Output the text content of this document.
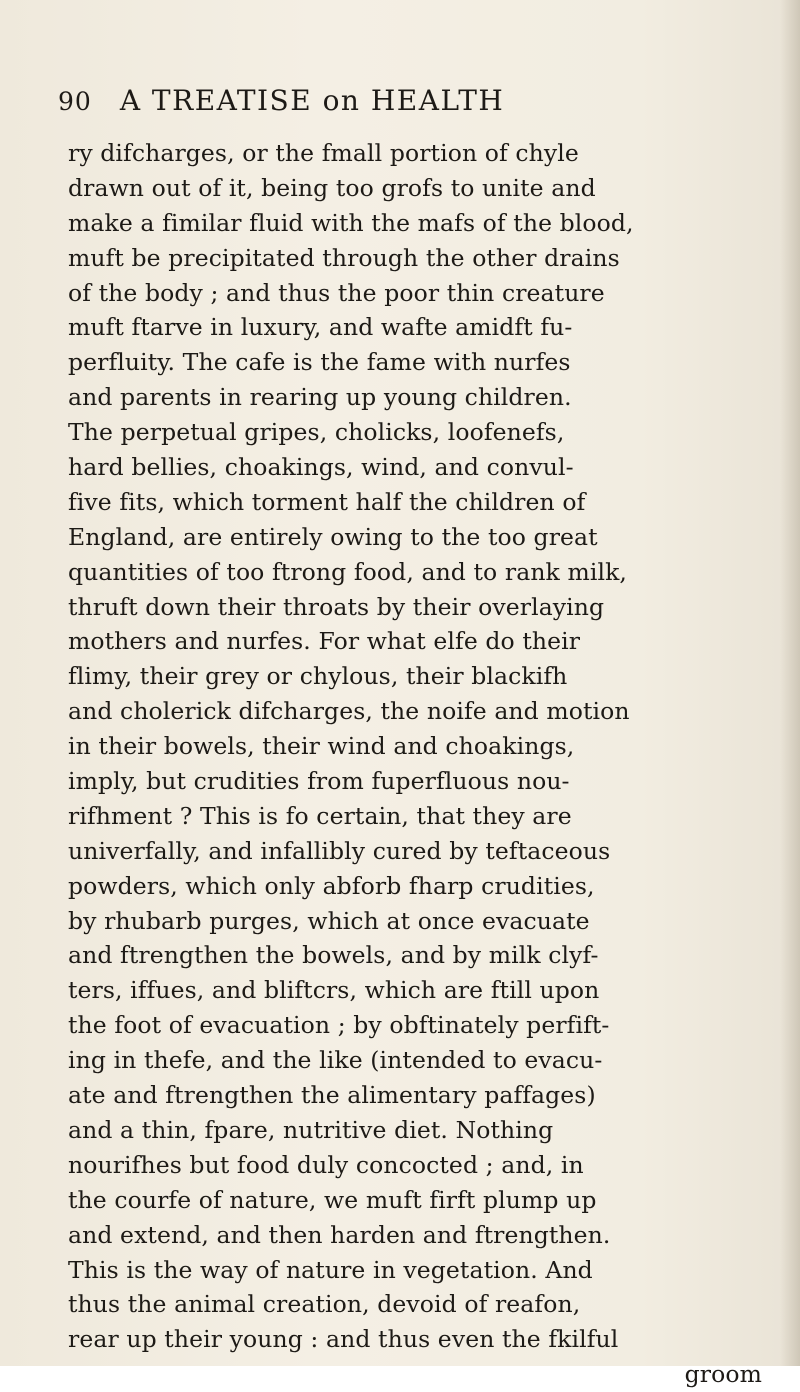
90 A TREATISE on HEALTH
ry difcharges, or the fmall portion of chyle
drawn out of it, being too grofs to unite and
make a fimilar fluid with the mafs of the blood,
muft be precipitated through the other drains
of the body ; and thus the poor thin creature
muft ftarve in luxury, and wafte amidft fu-
perfluity. The cafe is the fame with nurfes
and parents in rearing up young children.
The perpetual gripes, cholicks, loofenefs,
hard bellies, choakings, wind, and convul-
five fits, which torment half the children of
England, are entirely owing to the too great
quantities of too ftrong food, and to rank milk,
thruft down their throats by their overlaying
mothers and nurfes. For what elfe do their
flimy, their grey or chylous, their blackifh
and cholerick difcharges, the noife and motion
in their bowels, their wind and choakings,
imply, but crudities from fuperfluous nou-
rifhment ? This is fo certain, that they are
univerfally, and infallibly cured by teftaceous
powders, which only abforb fharp crudities,
by rhubarb purges, which at once evacuate
and ftrengthen the bowels, and by milk clyf-
ters, iffues, and bliftcrs, which are ftill upon
the foot of evacuation ; by obftinately perfift-
ing in thefe, and the like (intended to evacu-
ate and ftrengthen the alimentary paffages)
and a thin, fpare, nutritive diet. Nothing
nourifhes but food duly concocted ; and, in
the courfe of nature, we muft firft plump up
and extend, and then harden and ftrengthen.
This is the way of nature in vegetation. And
thus the animal creation, devoid of reafon,
rear up their young : and thus even the fkilful
groom
